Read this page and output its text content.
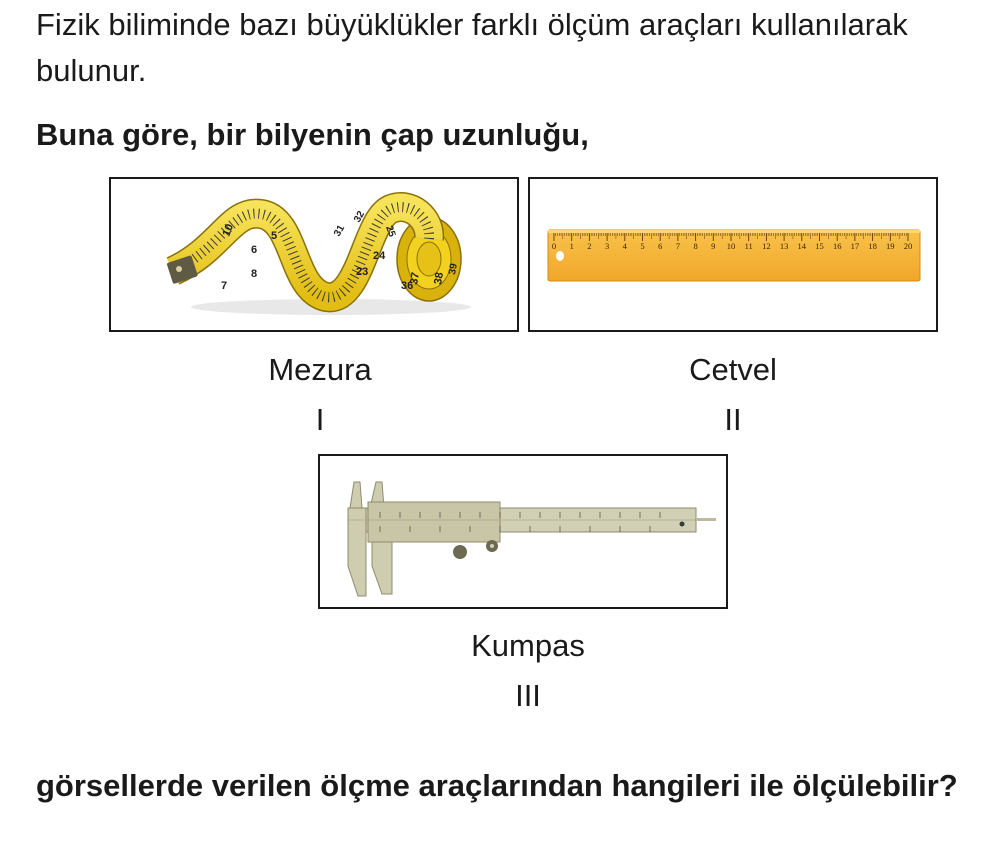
Fizik biliminde bazı büyüklükler farklı ölçüm araçları kullanılarak bulunur.

Buna göre, bir bilyenin çap uzunluğu,

10
6
5
8
7
31
32
25
23
24
36
37 38
39
0 1 2 3 4 5 6 7 8 9 10 11 12 13 14 15 16 17 18 19 20

Mezura

I

Cetvel

II

Kumpas

III

görsellerde verilen ölçme araçlarından hangileri ile ölçülebilir?
